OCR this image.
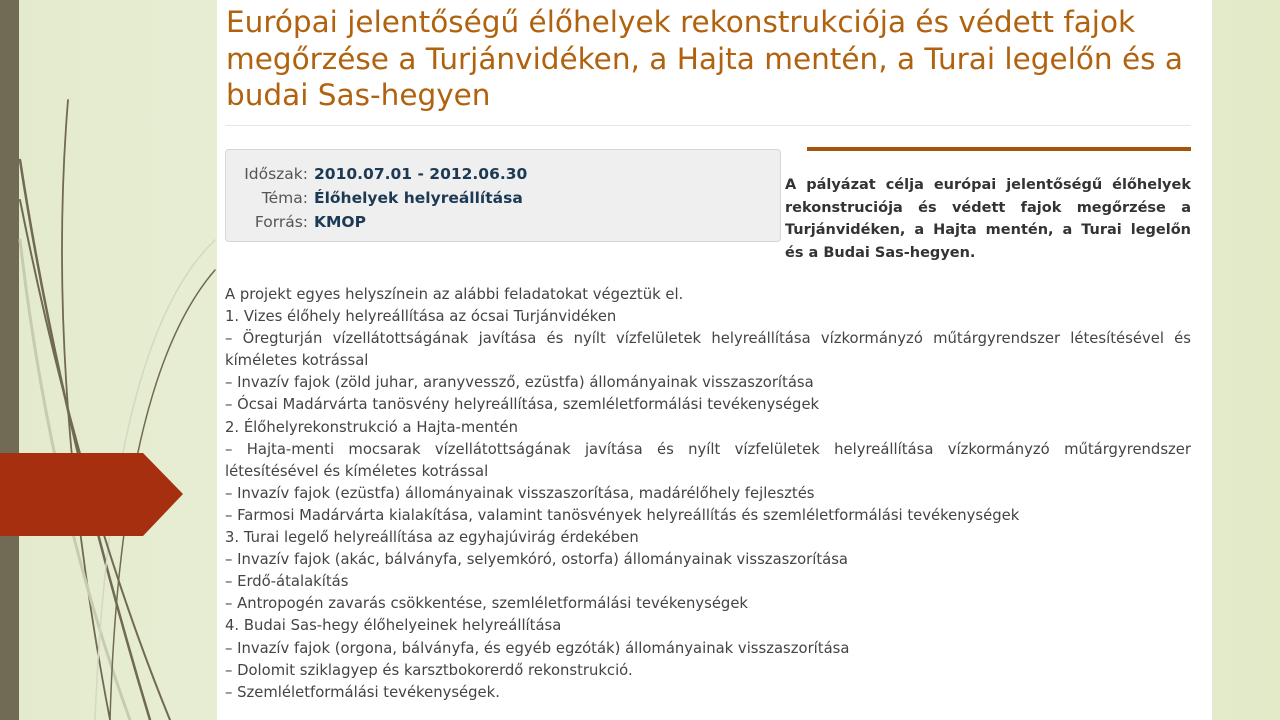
Európai jelentőségű élőhelyek rekonstrukciója és védett fajok megőrzése a Turjánvidéken, a Hajta mentén, a Turai legelőn és a budai Sas-hegyen
Időszak: 2010.07.01 - 2012.06.30
Téma: Élőhelyek helyreállítása
Forrás: KMOP

A pályázat célja európai jelentőségű élőhelyek rekonstruciója és védett fajok megőrzése a Turjánvidéken, a Hajta mentén, a Turai legelőn és a Budai Sas-hegyen.

A projekt egyes helyszínein az alábbi feladatokat végeztük el.
1. Vizes élőhely helyreállítása az ócsai Turjánvidéken
– Öregturján vízellátottságának javítása és nyílt vízfelületek helyreállítása vízkormányzó műtárgyrendszer létesítésével és kíméletes kotrással
– Invazív fajok (zöld juhar, aranyvessző, ezüstfa) állományainak visszaszorítása
– Ócsai Madárvárta tanösvény helyreállítása, szemléletformálási tevékenységek
2. Élőhelyrekonstrukció a Hajta-mentén
– Hajta-menti mocsarak vízellátottságának javítása és nyílt vízfelületek helyreállítása vízkormányzó műtárgyrendszer létesítésével és kíméletes kotrással
– Invazív fajok (ezüstfa) állományainak visszaszorítása, madárélőhely fejlesztés
– Farmosi Madárvárta kialakítása, valamint tanösvények helyreállítás és szemléletformálási tevékenységek
3. Turai legelő helyreállítása az egyhajúvirág érdekében
– Invazív fajok (akác, bálványfa, selyemkóró, ostorfa) állományainak visszaszorítása
– Erdő-átalakítás
– Antropogén zavarás csökkentése, szemléletformálási tevékenységek
4. Budai Sas-hegy élőhelyeinek helyreállítása
– Invazív fajok (orgona, bálványfa, és egyéb egzóták) állományainak visszaszorítása
– Dolomit sziklagyep és karsztbokorerdő rekonstrukció.
– Szemléletformálási tevékenységek.
